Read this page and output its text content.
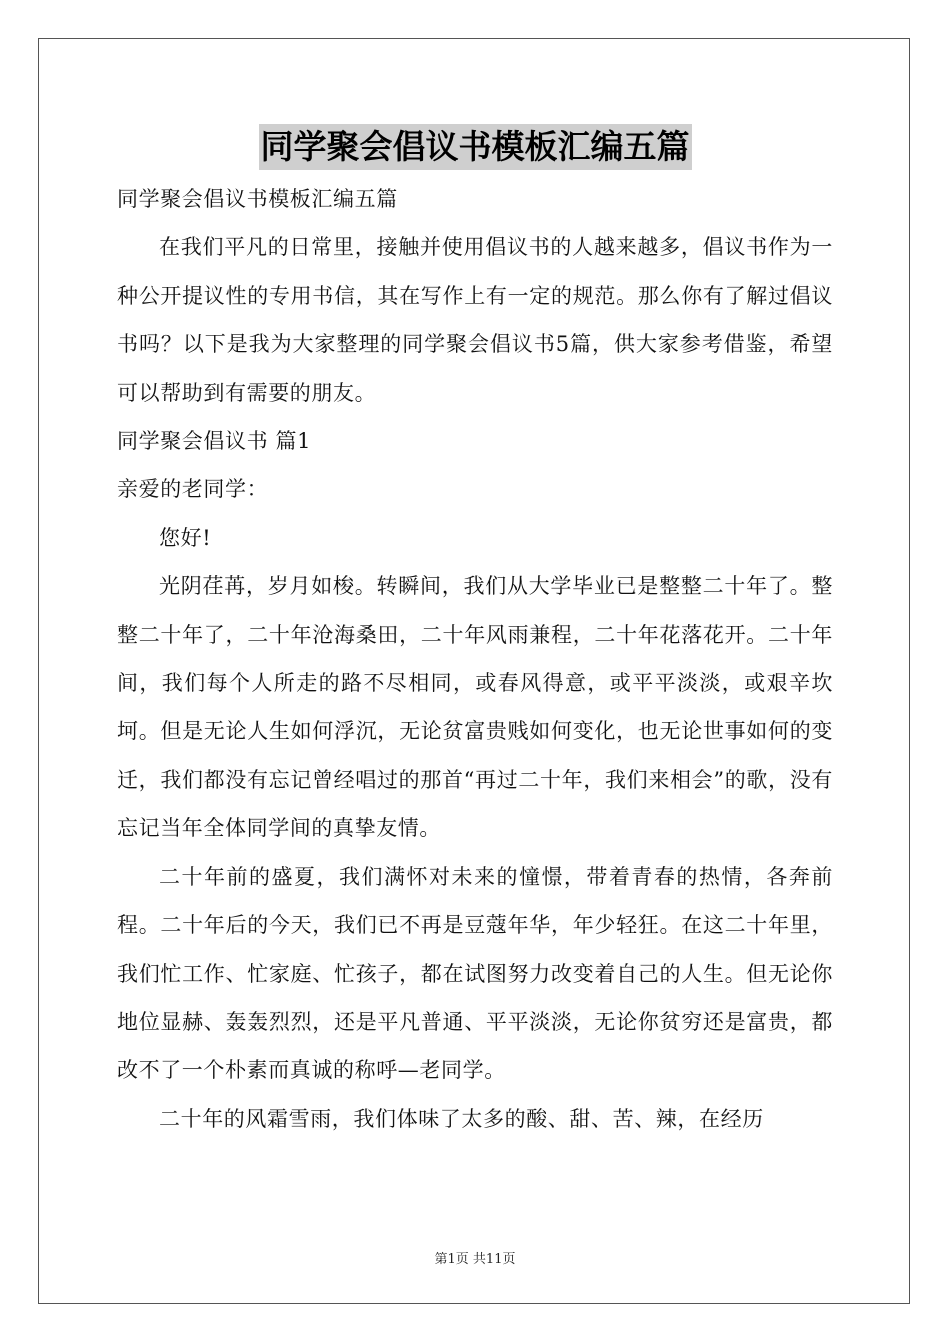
同学聚会倡议书模板汇编五篇

同学聚会倡议书模板汇编五篇

在我们平凡的日常里，接触并使用倡议书的人越来越多，倡议书作为一种公开提议性的专用书信，其在写作上有一定的规范。那么你有了解过倡议书吗？以下是我为大家整理的同学聚会倡议书5篇，供大家参考借鉴，希望可以帮助到有需要的朋友。

同学聚会倡议书 篇1

亲爱的老同学：

您好!

光阴荏苒，岁月如梭。转瞬间，我们从大学毕业已是整整二十年了。整整二十年了，二十年沧海桑田，二十年风雨兼程，二十年花落花开。二十年间，我们每个人所走的路不尽相同，或春风得意，或平平淡淡，或艰辛坎坷。但是无论人生如何浮沉，无论贫富贵贱如何变化，也无论世事如何的变迁，我们都没有忘记曾经唱过的那首“再过二十年，我们来相会”的歌，没有忘记当年全体同学间的真挚友情。

二十年前的盛夏，我们满怀对未来的憧憬，带着青春的热情，各奔前程。二十年后的今天，我们已不再是豆蔻年华，年少轻狂。在这二十年里，我们忙工作、忙家庭、忙孩子，都在试图努力改变着自己的人生。但无论你地位显赫、轰轰烈烈，还是平凡普通、平平淡淡，无论你贫穷还是富贵，都改不了一个朴素而真诚的称呼—老同学。

二十年的风霜雪雨，我们体味了太多的酸、甜、苦、辣，在经历

第1页 共11页
